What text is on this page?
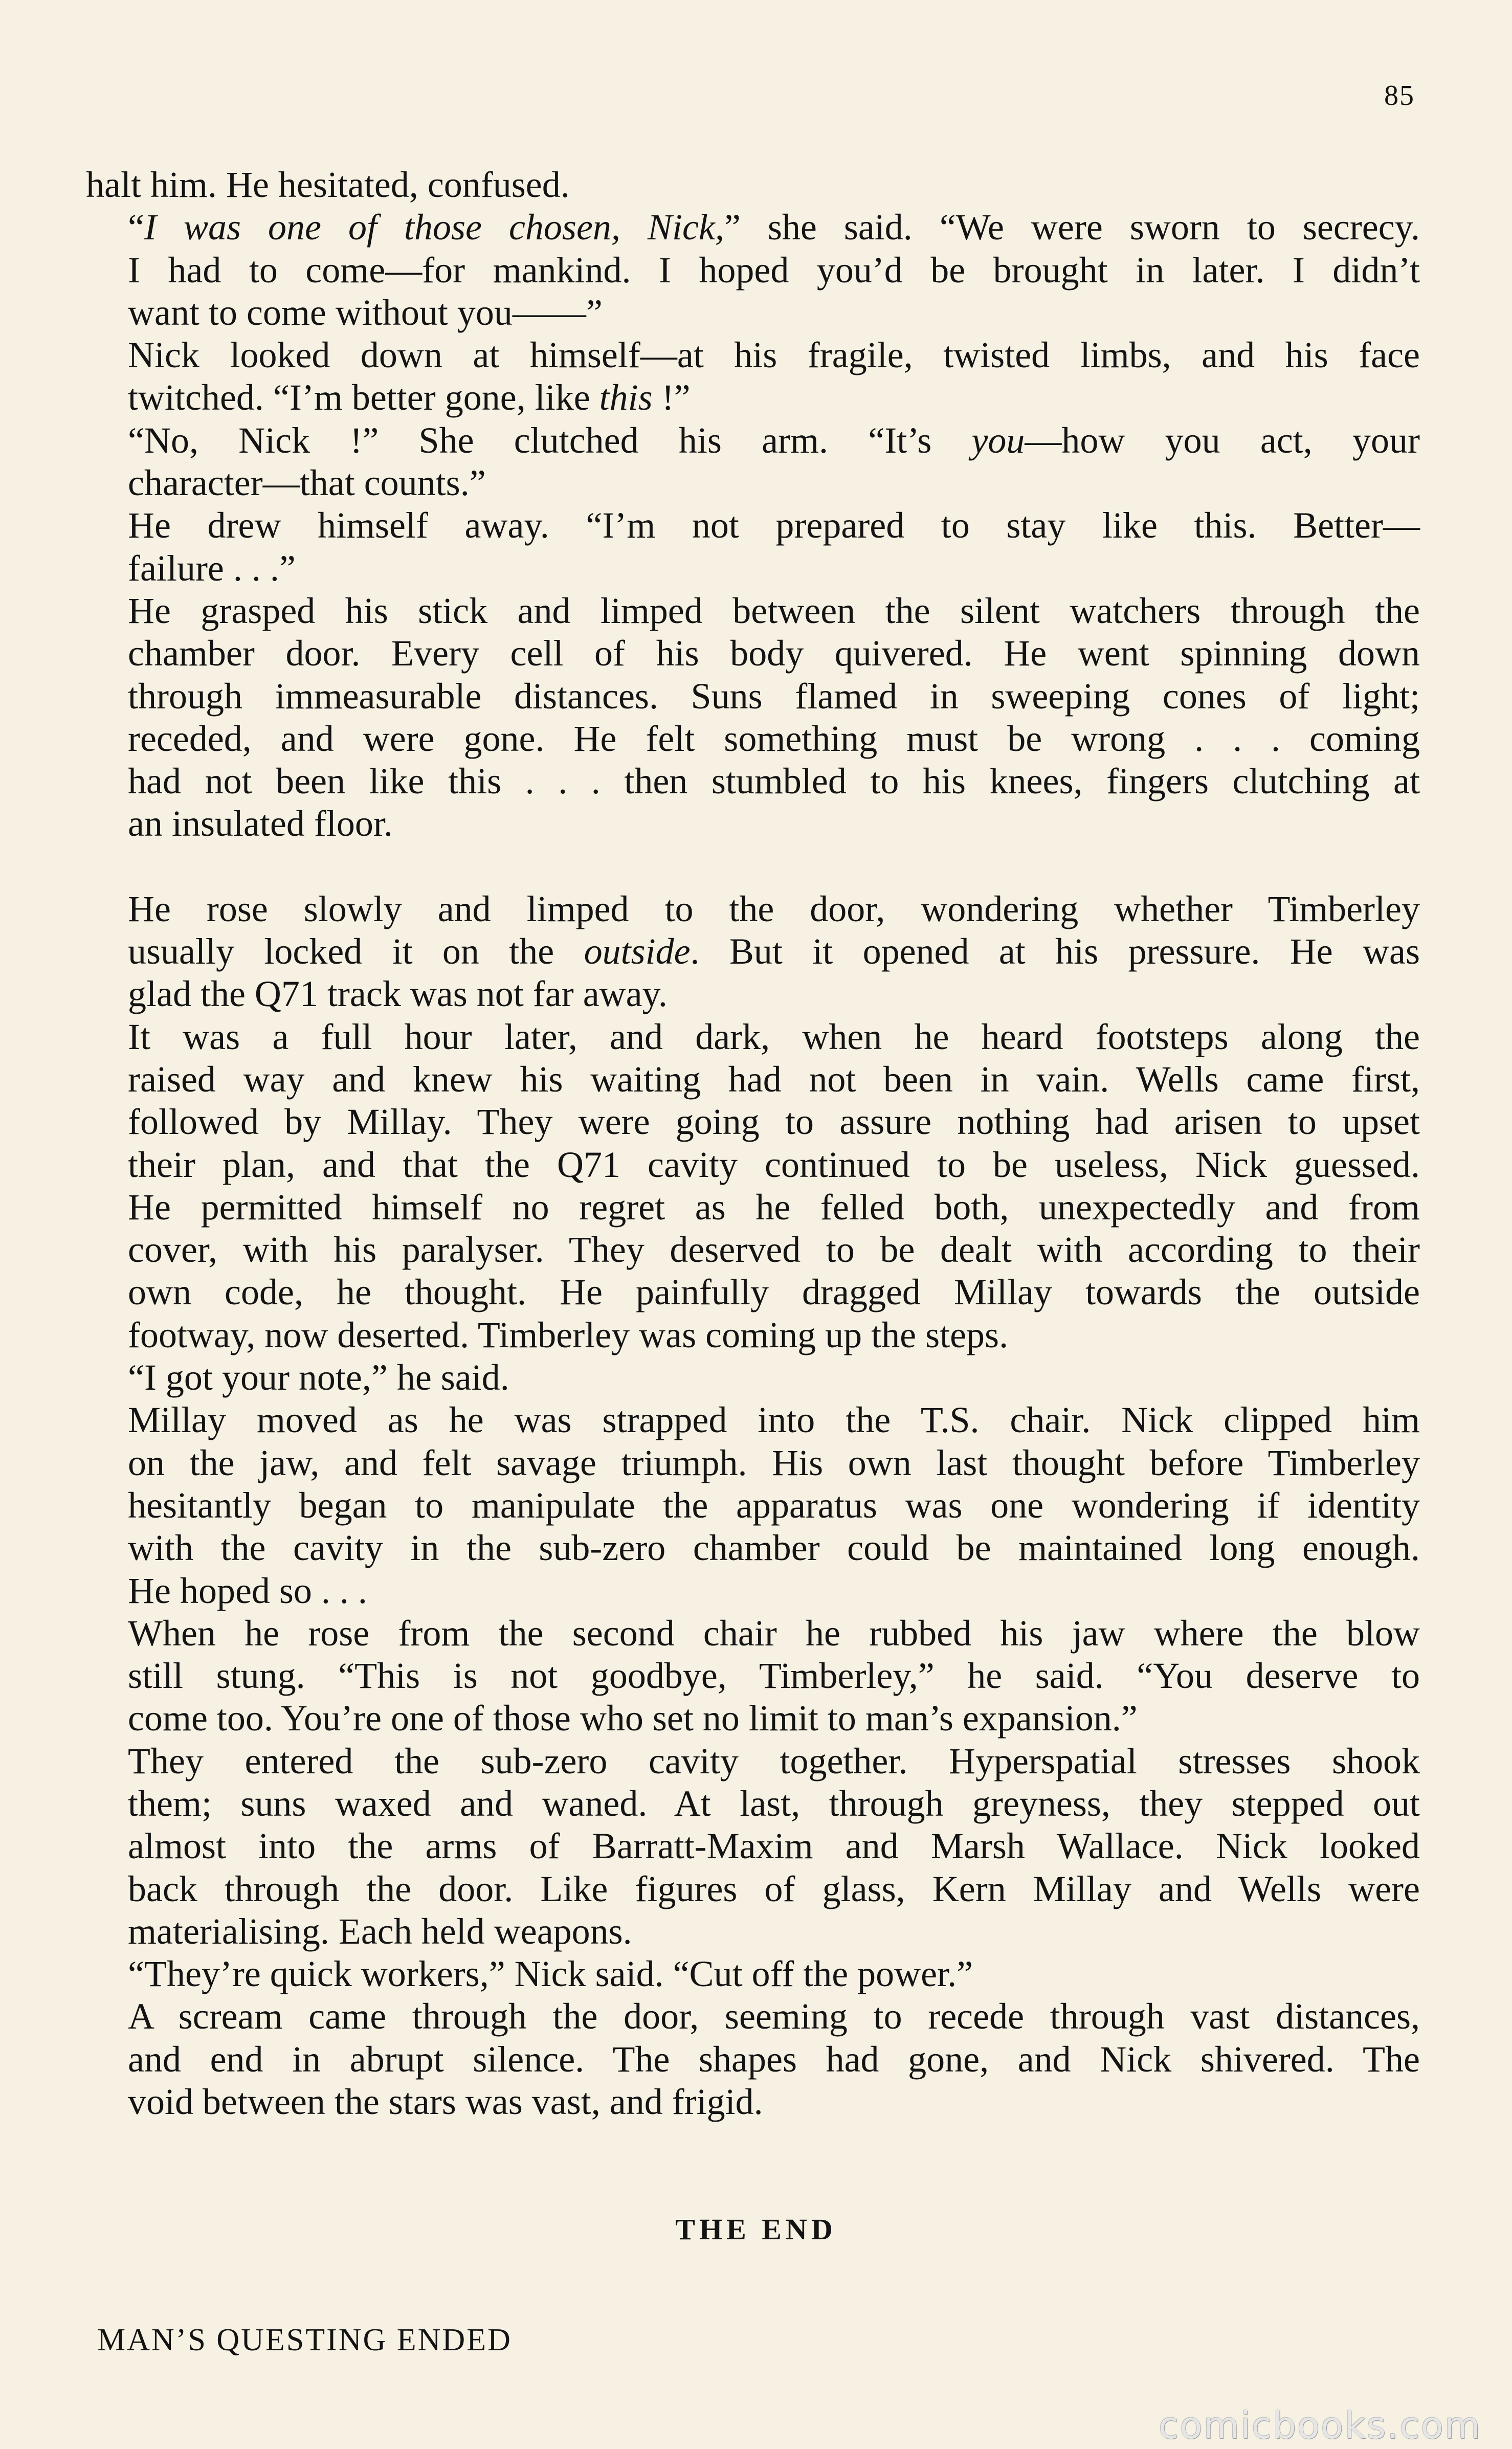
85

halt him. He hesitated, confused.

“I was one of those chosen, Nick,” she said. “We were sworn to secrecy.
I had to come—for mankind. I hoped you’d be brought in later. I didn’t
want to come without you——”

Nick looked down at himself—at his fragile, twisted limbs, and his face
twitched. “I’m better gone, like this !”

“No, Nick !” She clutched his arm. “It’s you—how you act, your
character—that counts.”

He drew himself away. “I’m not prepared to stay like this. Better—
failure . . .”

He grasped his stick and limped between the silent watchers through the
chamber door. Every cell of his body quivered. He went spinning down
through immeasurable distances. Suns flamed in sweeping cones of light;
receded, and were gone. He felt something must be wrong . . . coming
had not been like this . . . then stumbled to his knees, fingers clutching at
an insulated floor.

He rose slowly and limped to the door, wondering whether Timberley
usually locked it on the outside. But it opened at his pressure. He was
glad the Q71 track was not far away.

It was a full hour later, and dark, when he heard footsteps along the
raised way and knew his waiting had not been in vain. Wells came first,
followed by Millay. They were going to assure nothing had arisen to upset
their plan, and that the Q71 cavity continued to be useless, Nick guessed.
He permitted himself no regret as he felled both, unexpectedly and from
cover, with his paralyser. They deserved to be dealt with according to their
own code, he thought. He painfully dragged Millay towards the outside
footway, now deserted. Timberley was coming up the steps.

“I got your note,” he said.

Millay moved as he was strapped into the T.S. chair. Nick clipped him
on the jaw, and felt savage triumph. His own last thought before Timberley
hesitantly began to manipulate the apparatus was one wondering if identity
with the cavity in the sub-zero chamber could be maintained long enough.
He hoped so . . .

When he rose from the second chair he rubbed his jaw where the blow
still stung. “This is not goodbye, Timberley,” he said. “You deserve to
come too. You’re one of those who set no limit to man’s expansion.”

They entered the sub-zero cavity together. Hyperspatial stresses shook
them; suns waxed and waned. At last, through greyness, they stepped out
almost into the arms of Barratt-Maxim and Marsh Wallace. Nick looked
back through the door. Like figures of glass, Kern Millay and Wells were
materialising. Each held weapons.

“They’re quick workers,” Nick said. “Cut off the power.”

A scream came through the door, seeming to recede through vast distances,
and end in abrupt silence. The shapes had gone, and Nick shivered. The
void between the stars was vast, and frigid.

THE END
MAN’S QUESTING ENDED
comicbooks.com
